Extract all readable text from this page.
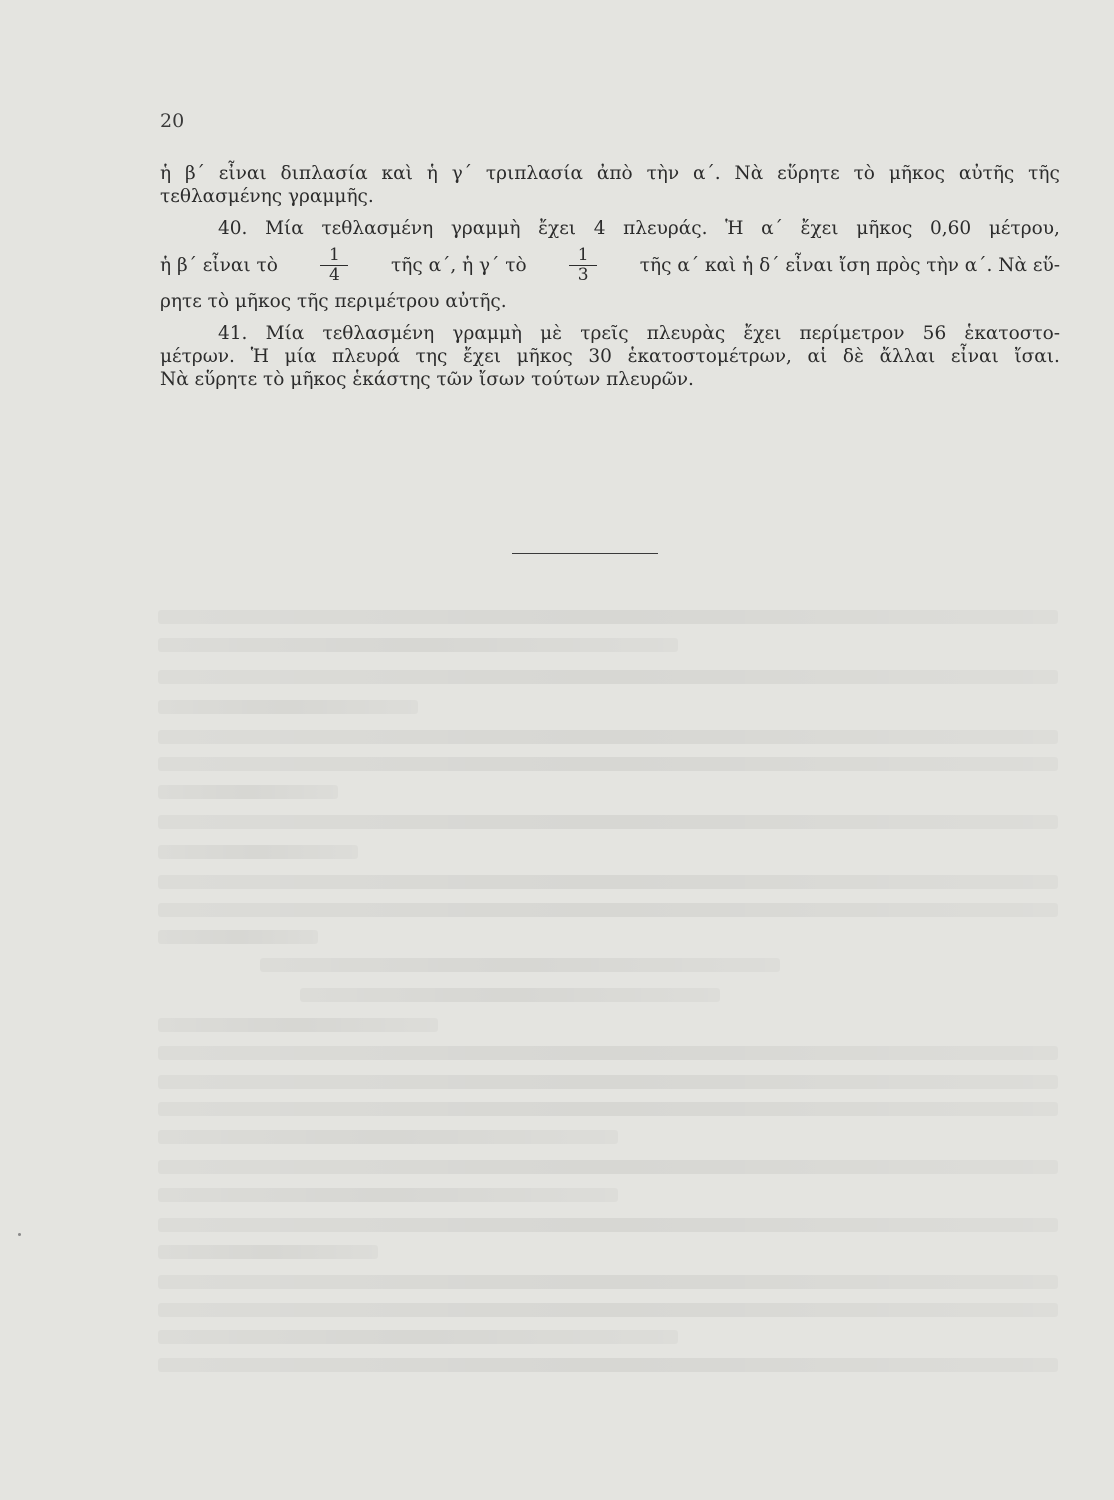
20
ἡ β΄ εἶναι διπλασία καὶ ἡ γ΄ τριπλασία ἀπὸ τὴν α΄. Νὰ εὕρητε τὸ μῆκος αὐτῆς τῆς
τεθλασμένης γραμμῆς.
40. Μία τεθλασμένη γραμμὴ ἔχει 4 πλευράς. Ἡ α΄ ἔχει μῆκος 0,60 μέτρου,
ἡ β΄ εἶναι τὸ	$\frac{1}{4}$ τῆς α΄, ἡ γ΄ τὸ	$\frac{1}{3}$ τῆς α΄ καὶ ἡ δ΄ εἶναι ἴση πρὸς τὴν α΄. Νὰ εὕ-
ρητε τὸ μῆκος τῆς περιμέτρου αὐτῆς.
41. Μία τεθλασμένη γραμμὴ μὲ τρεῖς πλευρὰς ἔχει περίμετρον 56 ἑκατοστο-
μέτρων. Ἡ μία πλευρά της ἔχει μῆκος 30 ἑκατοστομέτρων, αἱ δὲ ἄλλαι εἶναι ἴσαι.
Νὰ εὕρητε τὸ μῆκος ἑκάστης τῶν ἴσων τούτων πλευρῶν.
